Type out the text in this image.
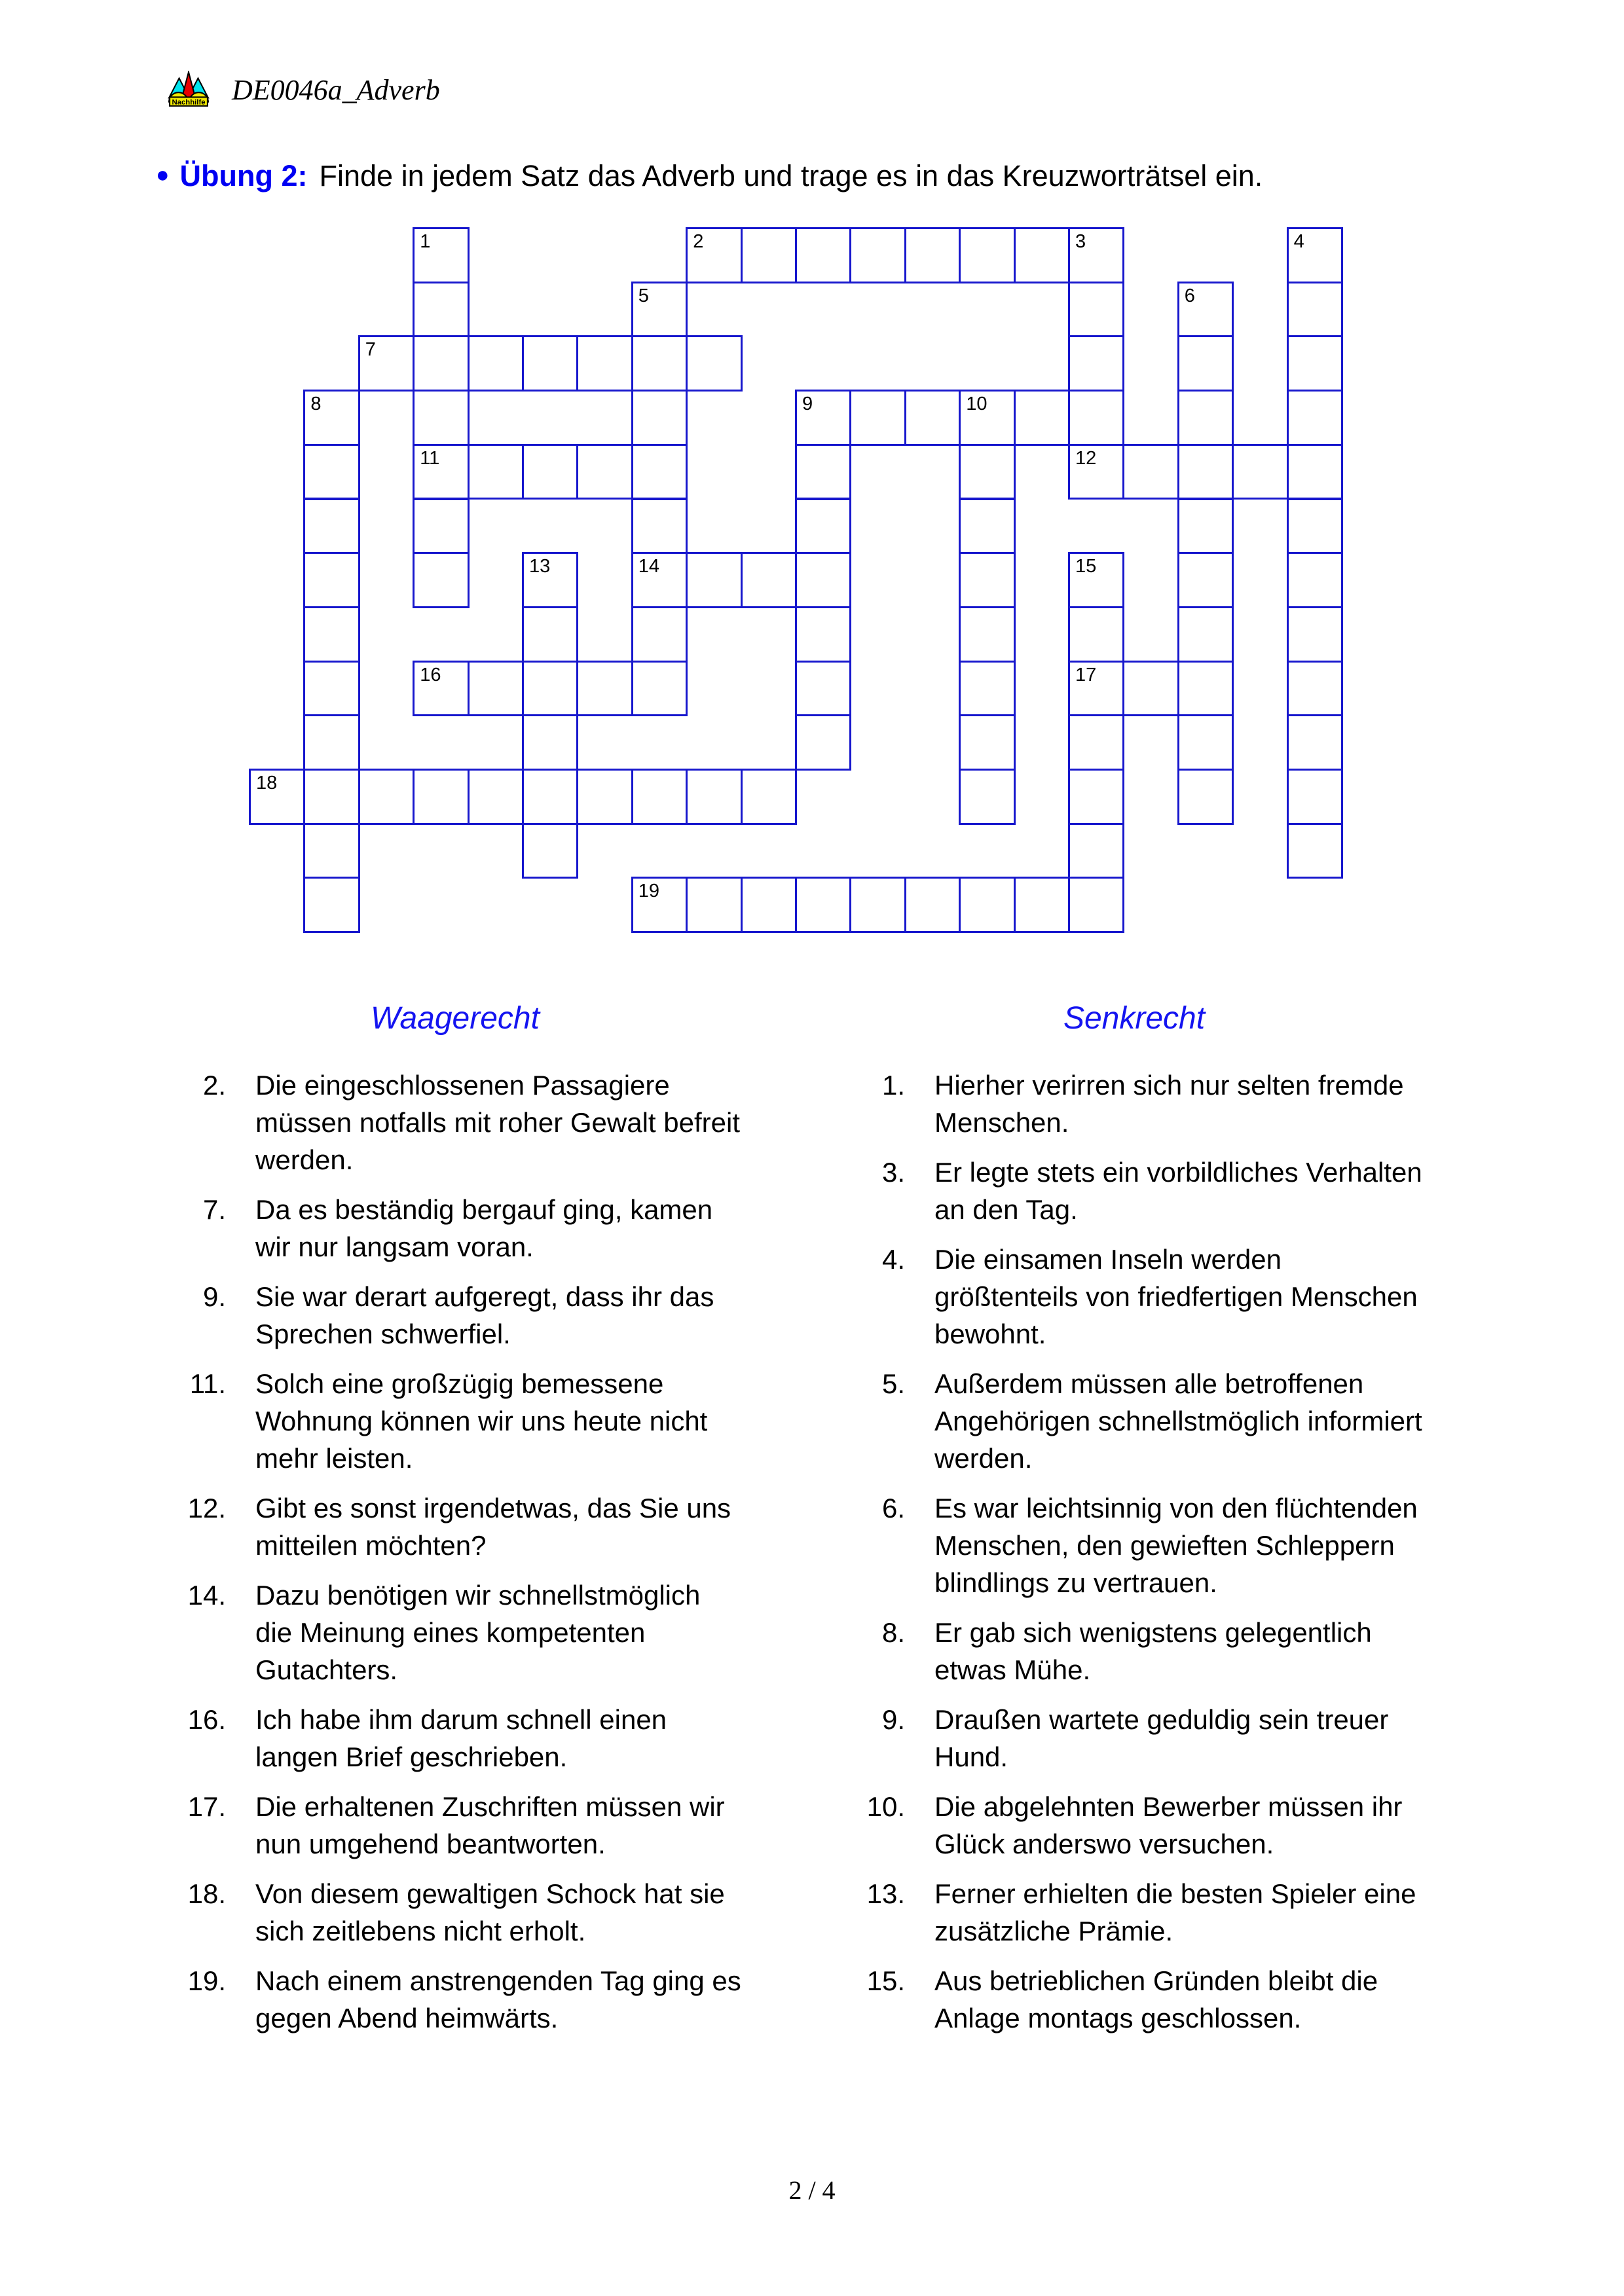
Nachhilfe DE0046a_Adverb
● Übung 2: Finde in jedem Satz das Adverb und trage es in das Kreuzworträtsel ein.
1	2	3	4
5	6
7
8	9	10
11	12
13	14	15
16	17
18
19
Waagerecht
2. Die eingeschlossenen Passagiere müssen notfalls mit roher Gewalt befreit werden.
7. Da es beständig bergauf ging, kamen wir nur langsam voran.
9. Sie war derart aufgeregt, dass ihr das Sprechen schwerfiel.
11. Solch eine großzügig bemessene Wohnung können wir uns heute nicht mehr leisten.
12. Gibt es sonst irgendetwas, das Sie uns mitteilen möchten?
14. Dazu benötigen wir schnellstmöglich die Meinung eines kompetenten Gutachters.
16. Ich habe ihm darum schnell einen langen Brief geschrieben.
17. Die erhaltenen Zuschriften müssen wir nun umgehend beantworten.
18. Von diesem gewaltigen Schock hat sie sich zeitlebens nicht erholt.
19. Nach einem anstrengenden Tag ging es gegen Abend heimwärts.
Senkrecht
1. Hierher verirren sich nur selten fremde Menschen.
3. Er legte stets ein vorbildliches Verhalten an den Tag.
4. Die einsamen Inseln werden größtenteils von friedfertigen Menschen bewohnt.
5. Außerdem müssen alle betroffenen Angehörigen schnellstmöglich informiert werden.
6. Es war leichtsinnig von den flüchtenden Menschen, den gewieften Schleppern blindlings zu vertrauen.
8. Er gab sich wenigstens gelegentlich etwas Mühe.
9. Draußen wartete geduldig sein treuer Hund.
10. Die abgelehnten Bewerber müssen ihr Glück anderswo versuchen.
13. Ferner erhielten die besten Spieler eine zusätzliche Prämie.
15. Aus betrieblichen Gründen bleibt die Anlage montags geschlossen.
2 / 4
